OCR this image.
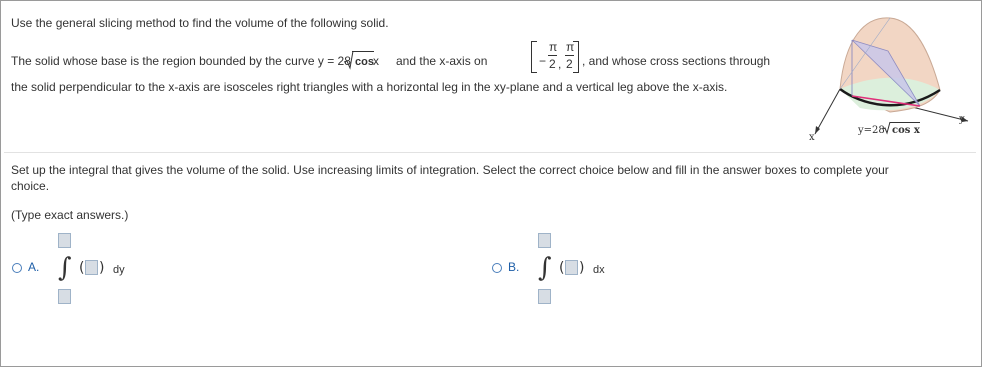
Use the general slicing method to find the volume of the following solid.
The solid whose base is the region bounded by the curve y = 28 cos x and the x-axis on	−
π
2 ,
π
2 , and whose cross sections through
the solid perpendicular to the x-axis are isosceles right triangles with a horizontal leg in the xy-plane and a vertical leg above the x-axis.
y
x
y=28 cos x
Set up the integral that gives the volume of the solid. Use increasing limits of integration. Select the correct choice below and fill in the answer boxes to complete your
choice.
(Type exact answers.)
A. ∫ ( ) dy	B. ∫ ( ) dx
